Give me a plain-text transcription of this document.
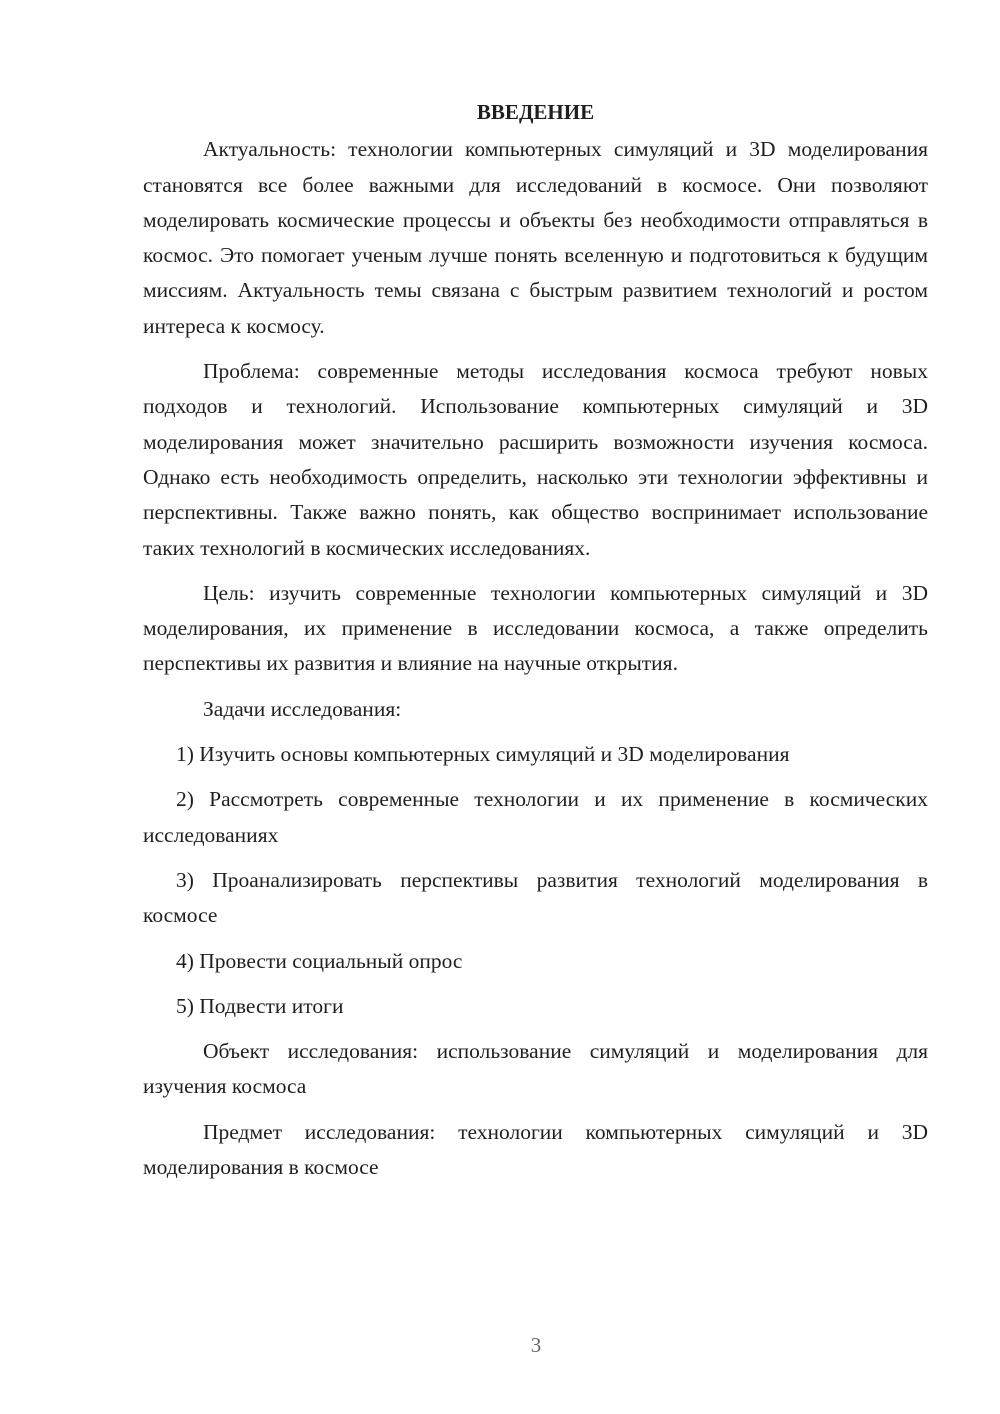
ВВЕДЕНИЕ

Актуальность: технологии компьютерных симуляций и 3D моделирования становятся все более важными для исследований в космосе. Они позволяют моделировать космические процессы и объекты без необходимости отправляться в космос. Это помогает ученым лучше понять вселенную и подготовиться к будущим миссиям. Актуальность темы связана с быстрым развитием технологий и ростом интереса к космосу.

Проблема: современные методы исследования космоса требуют новых подходов и технологий. Использование компьютерных симуляций и 3D моделирования может значительно расширить возможности изучения космоса. Однако есть необходимость определить, насколько эти технологии эффективны и перспективны. Также важно понять, как общество воспринимает использование таких технологий в космических исследованиях.

Цель: изучить современные технологии компьютерных симуляций и 3D моделирования, их применение в исследовании космоса, а также определить перспективы их развития и влияние на научные открытия.

Задачи исследования:

1) Изучить основы компьютерных симуляций и 3D моделирования

2) Рассмотреть современные технологии и их применение в космических исследованиях

3) Проанализировать перспективы развития технологий моделирования в космосе

4) Провести социальный опрос

5) Подвести итоги

Объект исследования: использование симуляций и моделирования для изучения космоса

Предмет исследования: технологии компьютерных симуляций и 3D моделирования в космосе

3
